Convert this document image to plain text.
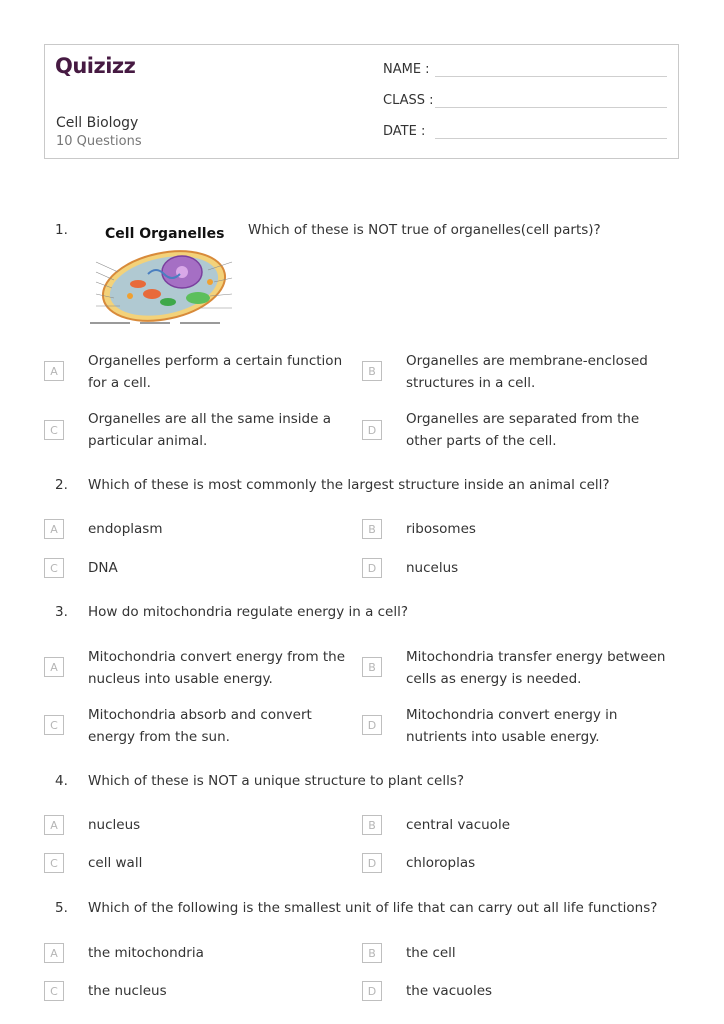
Quizizz
Cell Biology
10 Questions
NAME :
CLASS :
DATE :
1.	Cell Organelles Which of these is NOT true of organelles(cell parts)?
A
Organelles perform a certain function for a cell.
B
Organelles are membrane-enclosed structures in a cell.
C
Organelles are all the same inside a particular animal.
D
Organelles are separated from the other parts of the cell.
2. Which of these is most commonly the largest structure inside an animal cell?
A	endoplasm	B	ribosomes
C	DNA	D	nucelus
3. How do mitochondria regulate energy in a cell?
A
Mitochondria convert energy from the nucleus into usable energy.
B
Mitochondria transfer energy between cells as energy is needed.
C
Mitochondria absorb and convert energy from the sun.
D
Mitochondria convert energy in nutrients into usable energy.
4. Which of these is NOT a unique structure to plant cells?
A	nucleus	B	central vacuole
C	cell wall	D	chloroplas
5. Which of the following is the smallest unit of life that can carry out all life functions?
A	the mitochondria	B	the cell
C	the nucleus	D	the vacuoles
